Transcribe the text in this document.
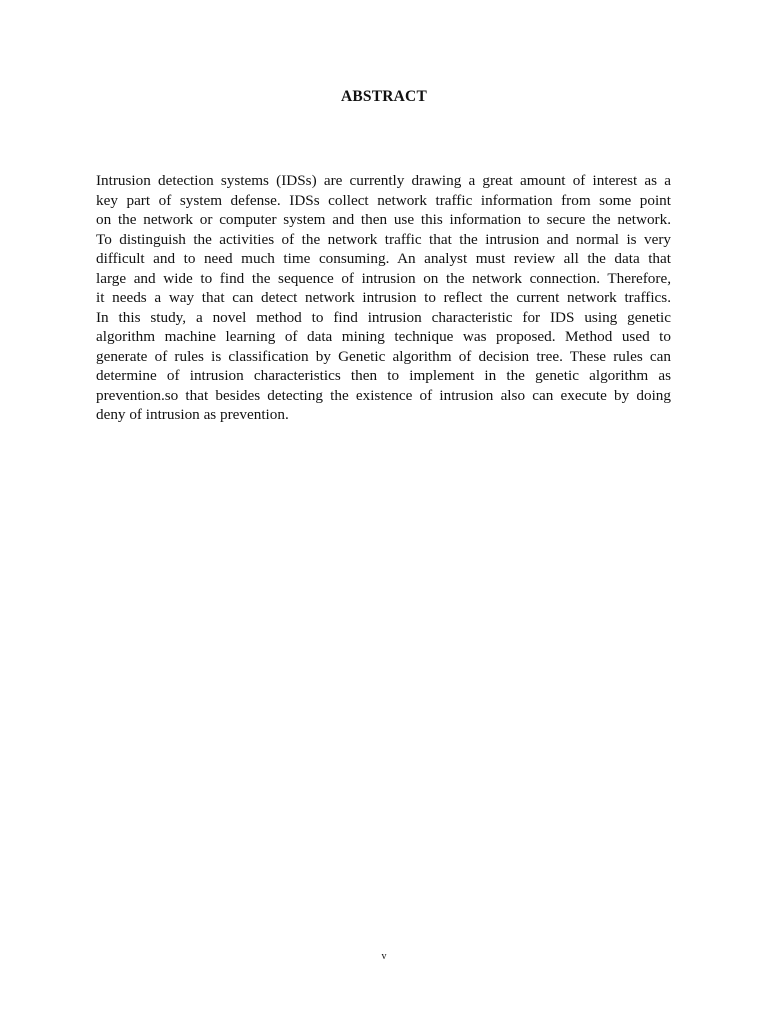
ABSTRACT
Intrusion detection systems (IDSs) are currently drawing a great amount of interest as a
key part of system defense. IDSs collect network traffic information from some point
on the network or computer system and then use this information to secure the network.
To distinguish the activities of the network traffic that the intrusion and normal is very
difficult and to need much time consuming. An analyst must review all the data that
large and wide to find the sequence of intrusion on the network connection. Therefore,
it needs a way that can detect network intrusion to reflect the current network traffics.
In this study, a novel method to find intrusion characteristic for IDS using genetic
algorithm machine learning of data mining technique was proposed. Method used to
generate of rules is classification by Genetic algorithm of decision tree. These rules can
determine of intrusion characteristics then to implement in the genetic algorithm as
prevention.so that besides detecting the existence of intrusion also can execute by doing
deny of intrusion as prevention.
v
